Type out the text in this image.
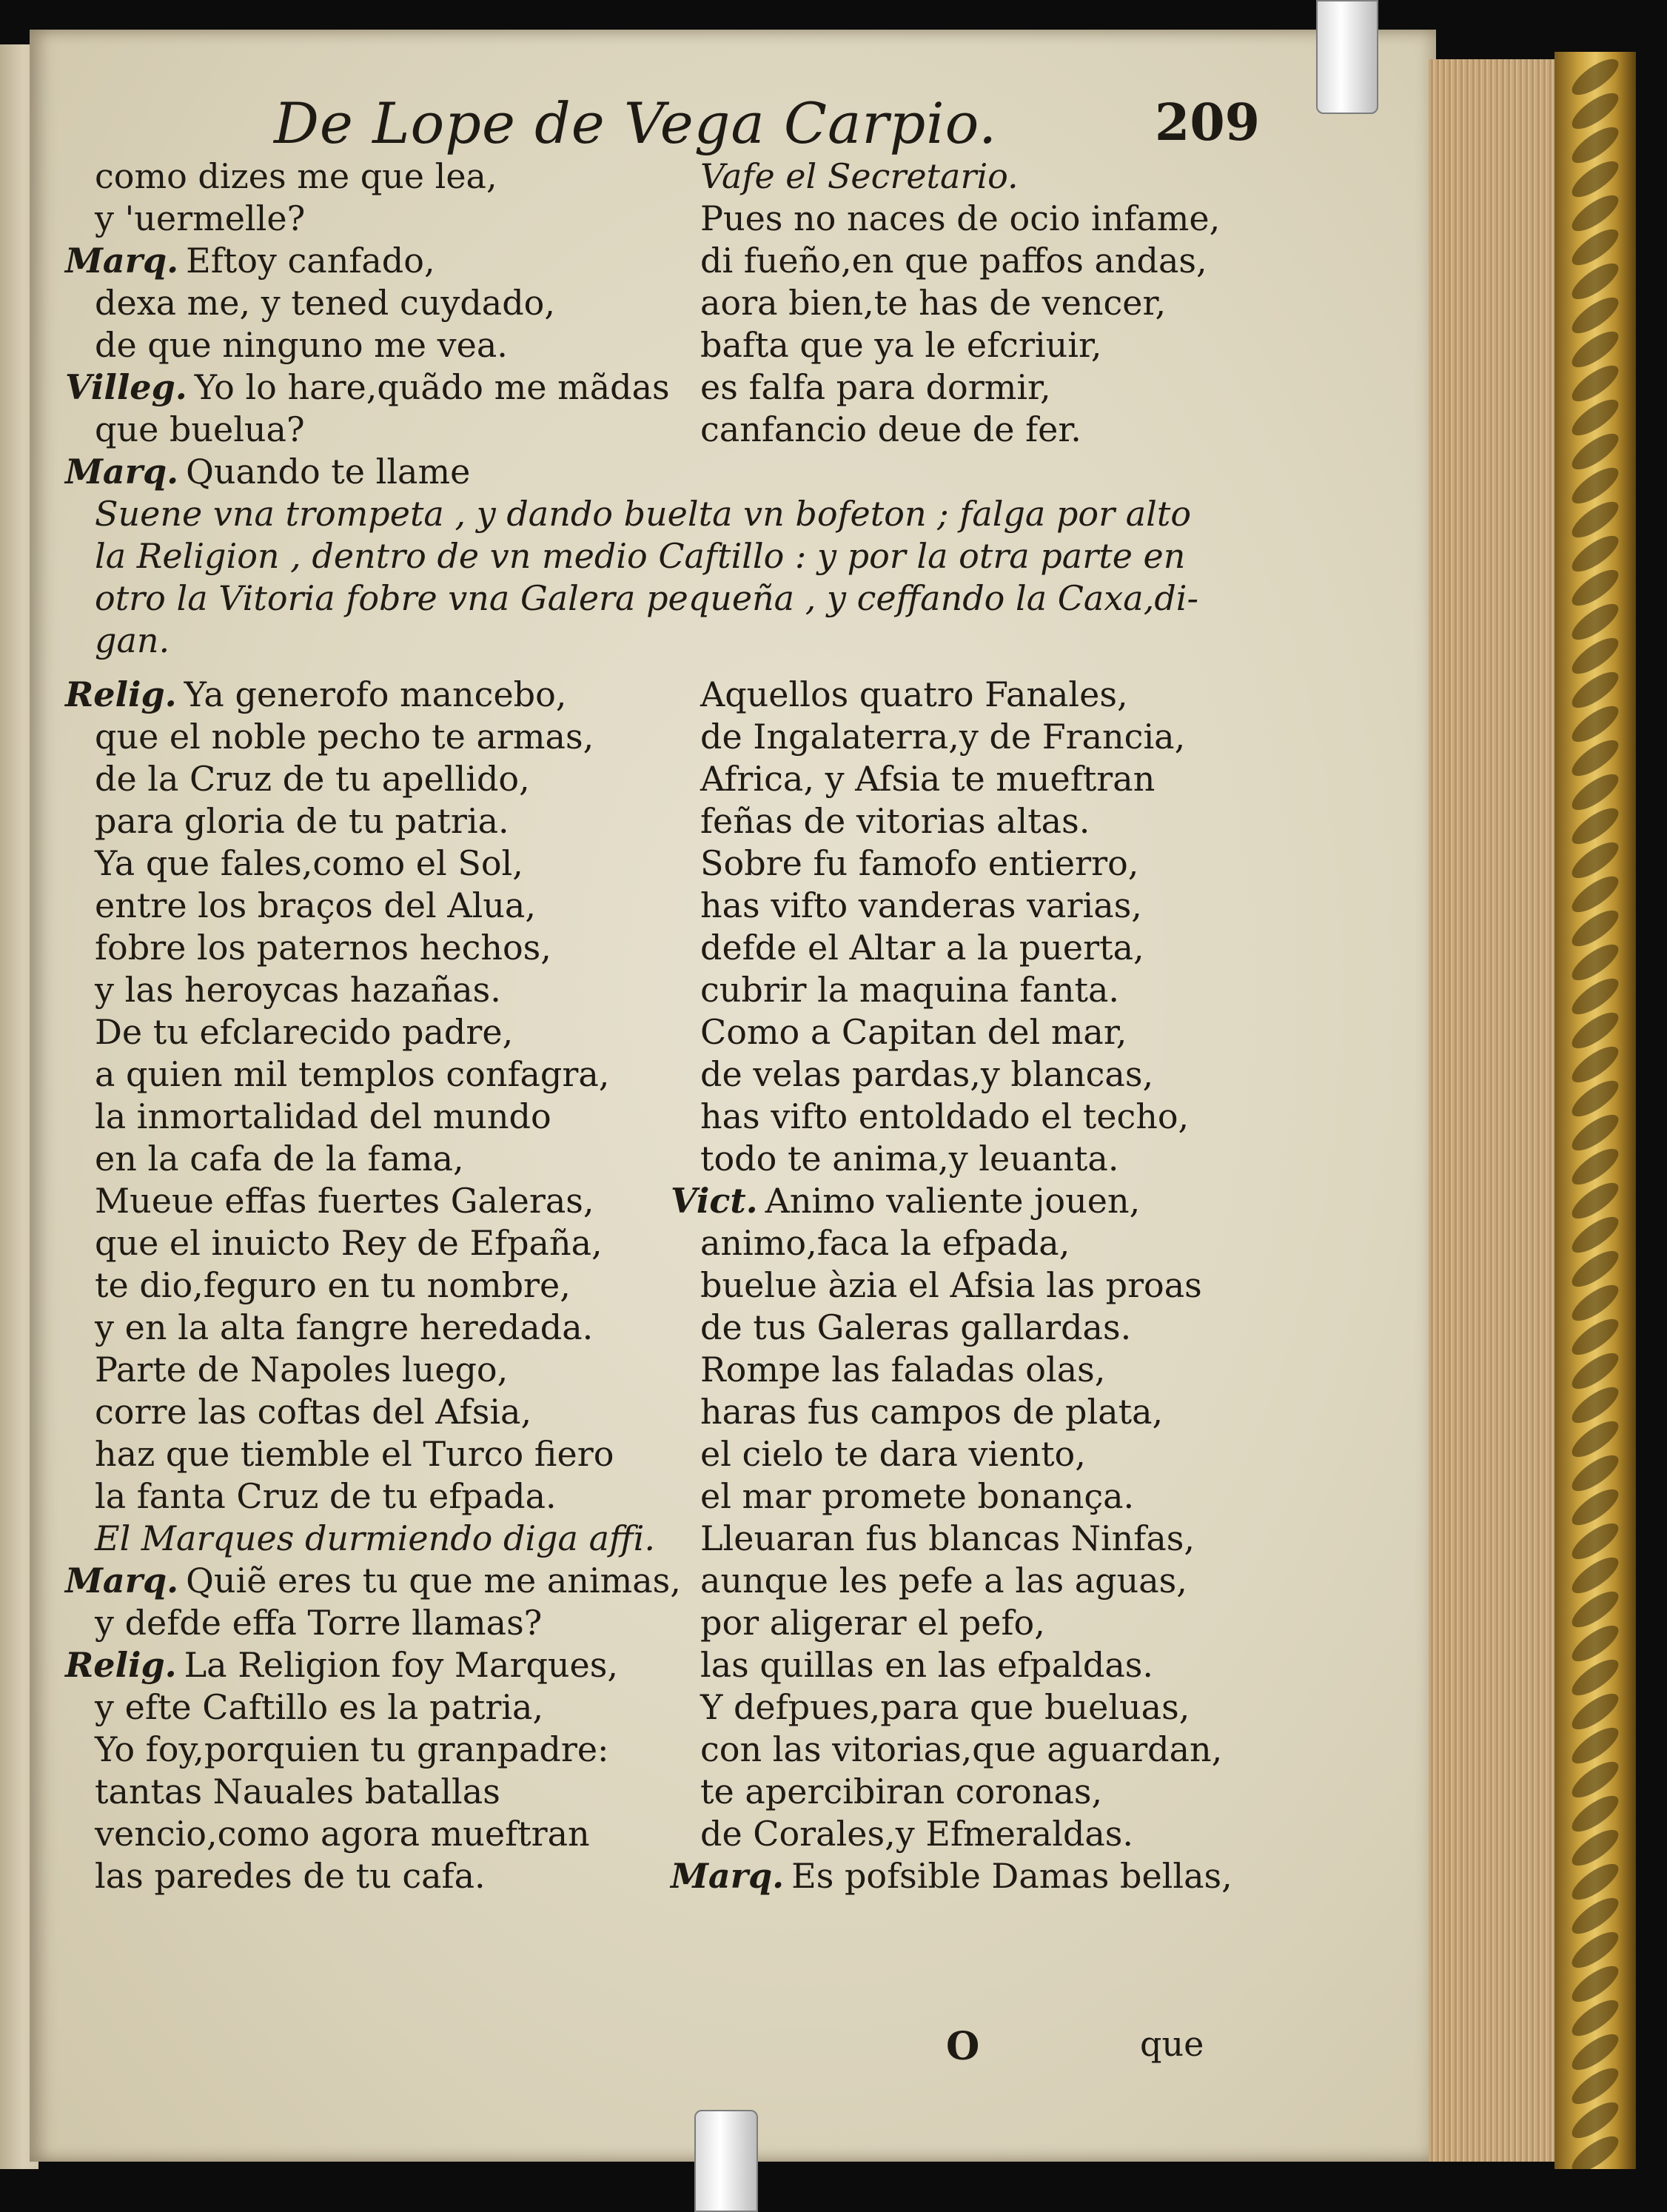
De Lope de Vega Carpio.	209
como dizes me que lea,
y 'uermelle?
Marq. Eftoy canfado,
dexa me, y tened cuydado,
de que ninguno me vea.
Villeg. Yo lo hare,quãdo me mãdas
que buelua?
Marq. Quando te llame
Vafe el Secretario.
Pues no naces de ocio infame,
di fueño,en que paffos andas,
aora bien,te has de vencer,
bafta que ya le efcriuir,
es falfa para dormir,
canfancio deue de fer.
Suene vna trompeta , y dando buelta vn bofeton ; falga por alto
la Religion , dentro de vn medio Caftillo : y por la otra parte en
otro la Vitoria fobre vna Galera pequeña , y ceffando la Caxa,di-
gan.
Relig. Ya generofo mancebo,
que el noble pecho te armas,
de la Cruz de tu apellido,
para gloria de tu patria.
Ya que fales,como el Sol,
entre los braços del Alua,
fobre los paternos hechos,
y las heroycas hazañas.
De tu efclarecido padre,
a quien mil templos confagra,
la inmortalidad del mundo
en la cafa de la fama,
Mueue effas fuertes Galeras,
que el inuicto Rey de Efpaña,
te dio,feguro en tu nombre,
y en la alta fangre heredada.
Parte de Napoles luego,
corre las coftas del Afsia,
haz que tiemble el Turco fiero
la fanta Cruz de tu efpada.
El Marques durmiendo diga affi.
Marq. Quiẽ eres tu que me animas,
y defde effa Torre llamas?
Relig. La Religion foy Marques,
y efte Caftillo es la patria,
Yo foy,porquien tu granpadre:
tantas Nauales batallas
vencio,como agora mueftran
las paredes de tu cafa.
Aquellos quatro Fanales,
de Ingalaterra,y de Francia,
Africa, y Afsia te mueftran
feñas de vitorias altas.
Sobre fu famofo entierro,
has vifto vanderas varias,
defde el Altar a la puerta,
cubrir la maquina fanta.
Como a Capitan del mar,
de velas pardas,y blancas,
has vifto entoldado el techo,
todo te anima,y leuanta.
Vict. Animo valiente jouen,
animo,faca la efpada,
buelue àzia el Afsia las proas
de tus Galeras gallardas.
Rompe las faladas olas,
haras fus campos de plata,
el cielo te dara viento,
el mar promete bonança.
Lleuaran fus blancas Ninfas,
aunque les pefe a las aguas,
por aligerar el pefo,
las quillas en las efpaldas.
Y defpues,para que bueluas,
con las vitorias,que aguardan,
te apercibiran coronas,
de Corales,y Efmeraldas.
Marq. Es pofsible Damas bellas,
O	que
